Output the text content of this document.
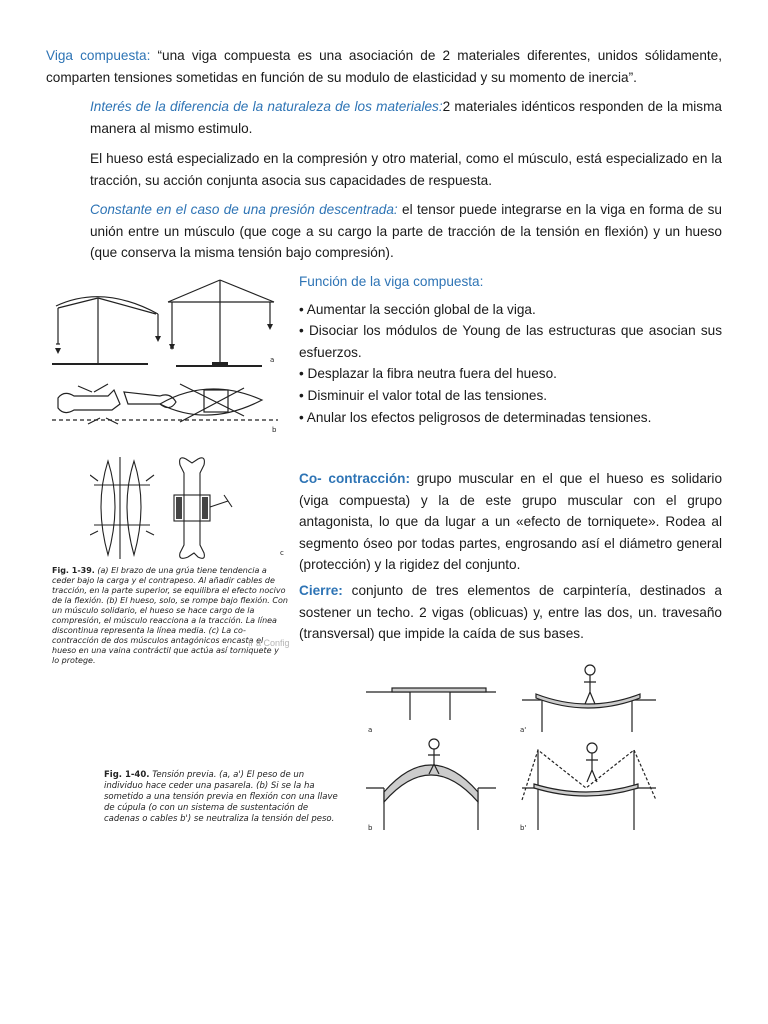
Viga compuesta: “una viga compuesta es una asociación de 2 materiales diferentes, unidos sólidamente, comparten tensiones sometidas en función de su modulo de elasticidad y su momento de inercia”.
Interés de la diferencia de la naturaleza de los materiales:2 materiales idénticos responden de la misma manera al mismo estimulo.
El hueso está especializado en la compresión y otro material, como el músculo, está especializado en la tracción, su acción conjunta asocia sus capacidades de respuesta.
Constante en el caso de una presión descentrada: el tensor puede integrarse en la viga en forma de su unión entre un músculo (que coge a su cargo la parte de tracción de la tensión en flexión) y un hueso (que conserva la misma tensión bajo compresión).
Función de la viga compuesta:
• Aumentar la sección global de la viga.
• Disociar los módulos de Young de las estructuras que asocian sus esfuerzos.
• Desplazar la fibra neutra fuera del hueso.
• Disminuir el valor total de las tensiones.
• Anular los efectos peligrosos de determinadas tensiones.
Co- contracción: grupo muscular en el que el hueso es solidario (viga compuesta) y la de este grupo muscular con el grupo antagonista, lo que da lugar a un «efecto de torniquete». Rodea al segmento óseo por todas partes, engrosando así el diámetro general (protección) y la rigidez del conjunto.
Cierre: conjunto de tres elementos de carpintería, destinados a sostener un techo. 2 vigas (oblicuas) y, entre las dos, un. travesaño (transversal) que impide la caída de sus bases.
a
b
c
Fig. 1-39. (a) El brazo de una grúa tiene tendencia a ceder bajo la carga y el contrapeso. Al añadir cables de tracción, en la parte superior, se equilibra el efecto nocivo de la flexión. (b) El hueso, solo, se rompe bajo flexión. Con un músculo solidario, el hueso se hace cargo de la compresión, el músculo reacciona a la tracción. La línea discontinua representa la línea media. (c) La co-contracción de dos músculos antagónicos encasta el hueso en una vaina contráctil que actúa así torniquete y lo protege.
Ir a Config
a	a'
b	b'
Fig. 1-40. Tensión previa. (a, a') El peso de un individuo hace ceder una pasarela. (b) Si se la ha sometido a una tensión previa en flexión con una llave de cúpula (o con un sistema de sustentación de cadenas o cables b') se neutraliza la tensión del peso.
